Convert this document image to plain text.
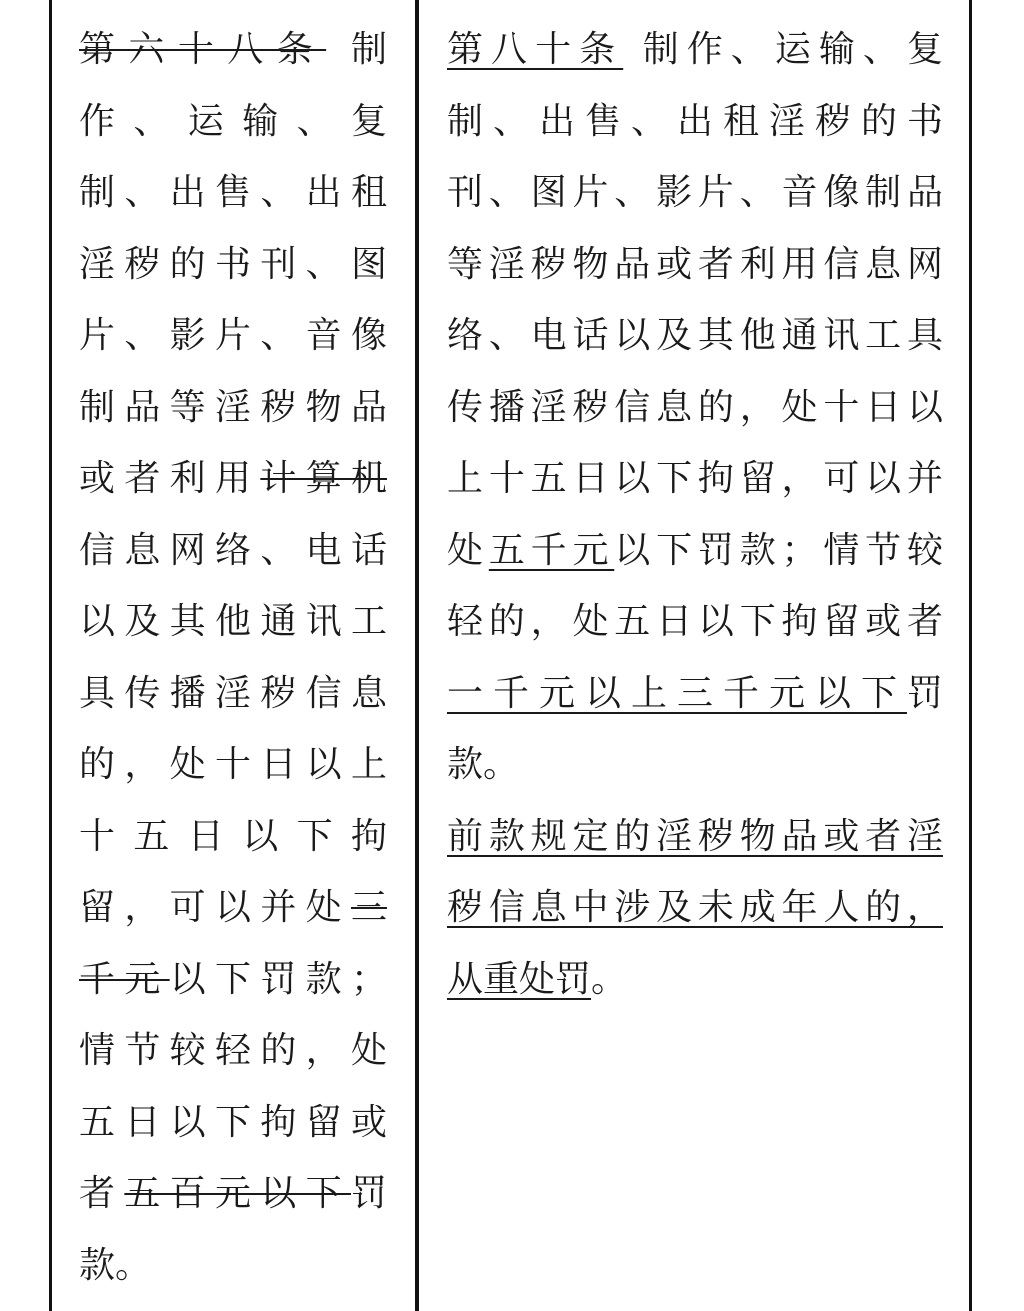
第六十八条 制
作、运输、复
制、出售、出租
淫秽的书刊、图
片、影片、音像
制品等淫秽物品
或者利用计算机
信息网络、电话
以及其他通讯工
具传播淫秽信息
的，处十日以上
十五日以下拘
留，可以并处三
千元以下罚款；
情节较轻的，处
五日以下拘留或
者五百元以下罚
款。
第八十条 制作、运输、复
制、出售、出租淫秽的书
刊、图片、影片、音像制品
等淫秽物品或者利用信息网
络、电话以及其他通讯工具
传播淫秽信息的，处十日以
上十五日以下拘留，可以并
处五千元以下罚款；情节较
轻的，处五日以下拘留或者
一千元以上三千元以下罚
款。
前款规定的淫秽物品或者淫
秽信息中涉及未成年人的，
从重处罚。
